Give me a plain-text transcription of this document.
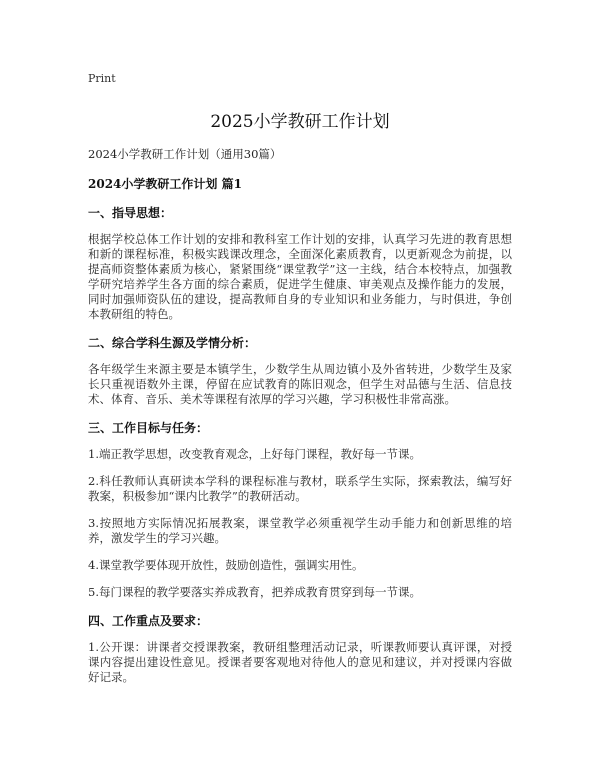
Print

2025小学教研工作计划

2024小学教研工作计划（通用30篇）

2024小学教研工作计划 篇1

一、指导思想：

根据学校总体工作计划的安排和教科室工作计划的安排，认真学习先进的教育思想和新的课程标准，积极实践课改理念，全面深化素质教育，以更新观念为前提，以提高师资整体素质为核心，紧紧围绕“课堂教学”这一主线，结合本校特点，加强教学研究培养学生各方面的综合素质，促进学生健康、审美观点及操作能力的发展，同时加强师资队伍的建设，提高教师自身的专业知识和业务能力，与时俱进，争创本教研组的特色。

二、综合学科生源及学情分析：

各年级学生来源主要是本镇学生，少数学生从周边镇小及外省转进，少数学生及家长只重视语数外主课，停留在应试教育的陈旧观念，但学生对品德与生活、信息技术、体育、音乐、美术等课程有浓厚的学习兴趣，学习积极性非常高涨。

三、工作目标与任务：

1.端正教学思想，改变教育观念，上好每门课程，教好每一节课。

2.科任教师认真研读本学科的课程标准与教材，联系学生实际，探索教法，编写好教案，积极参加“课内比教学”的教研活动。

3.按照地方实际情况拓展教案，课堂教学必须重视学生动手能力和创新思维的培养，激发学生的学习兴趣。

4.课堂教学要体现开放性，鼓励创造性，强调实用性。

5.每门课程的教学要落实养成教育，把养成教育贯穿到每一节课。

四、工作重点及要求：

1.公开课：讲课者交授课教案，教研组整理活动记录，听课教师要认真评课，对授课内容提出建设性意见。授课者要客观地对待他人的意见和建议，并对授课内容做好记录。
